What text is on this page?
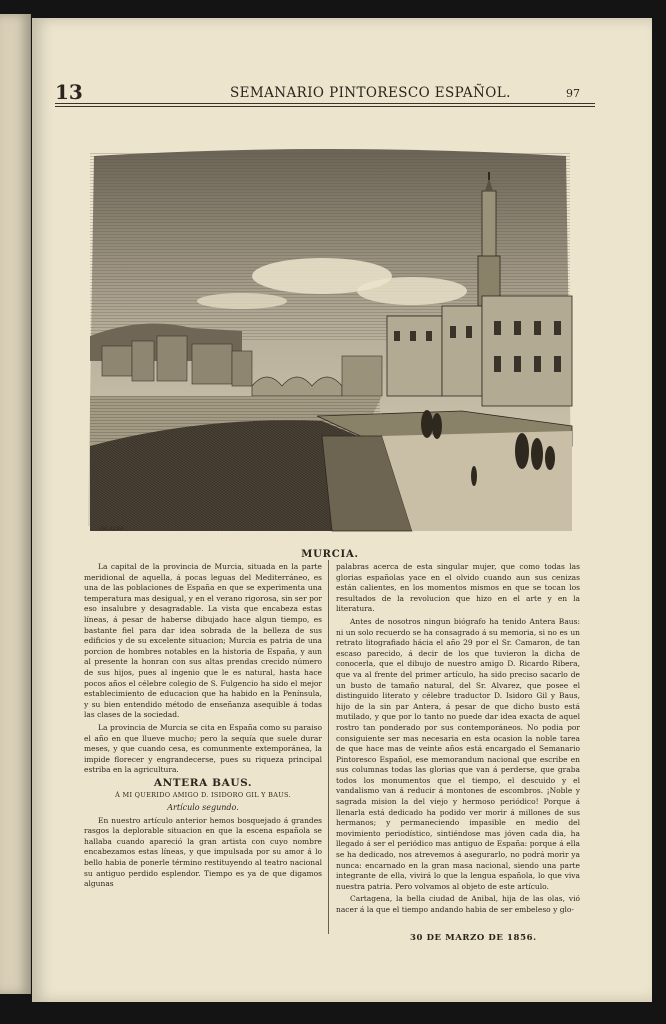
13	SEMANARIO PINTORESCO ESPAÑOL.	97
DE ALBA
MURCIA.

La capital de la provincia de Murcia, situada en la parte meridional de aquella, á pocas leguas del Mediterráneo, es una de las poblaciones de España en que se experimenta una temperatura mas desigual, y en el verano rigorosa, sin ser por eso insalubre y desagradable. La vista que encabeza estas líneas, á pesar de haberse dibujado hace algun tiempo, es bastante fiel para dar idea sobrada de la belleza de sus edificios y de su excelente situacion; Murcia es patria de una porcion de hombres notables en la historia de España, y aun al presente la honran con sus altas prendas crecido número de sus hijos, pues al ingenio que le es natural, hasta hace pocos años el célebre colegio de S. Fulgencio ha sido el mejor establecimiento de educacion que ha habido en la Península, y su bien entendido método de enseñanza asequible á todas las clases de la sociedad.

La provincia de Murcia se cita en España como su paraiso el año en que llueve mucho; pero la sequía que suele durar meses, y que cuando cesa, es comunmente extemporánea, la impide florecer y engrandecerse, pues su riqueza principal estriba en la agricultura.

ANTERA BAUS.

Á MI QUERIDO AMIGO D. ISIDORO GIL Y BAUS.

Artículo segundo.

En nuestro artículo anterior hemos bosquejado á grandes rasgos la deplorable situacion en que la escena española se hallaba cuando apareció la gran artista con cuyo nombre encabezamos estas líneas, y que impulsada por su amor á lo bello habia de ponerle término restituyendo al teatro nacional su antiguo perdido esplendor. Tiempo es ya de que digamos algunas

palabras acerca de esta singular mujer, que como todas las glorias españolas yace en el olvido cuando aun sus cenizas están calientes, en los momentos mismos en que se tocan los resultados de la revolucion que hizo en el arte y en la literatura.

Antes de nosotros ningun biógrafo ha tenido Antera Baus: ni un solo recuerdo se ha consagrado á su memoria, si no es un retrato litografiado hácia el año 29 por el Sr. Camaron, de tan escaso parecido, á decir de los que tuvieron la dicha de conocerla, que el dibujo de nuestro amigo D. Ricardo Ribera, que va al frente del primer artículo, ha sido preciso sacarlo de un busto de tamaño natural, del Sr. Alvarez, que posee el distinguido literato y célebre traductor D. Isidoro Gil y Baus, hijo de la sin par Antera, á pesar de que dicho busto está mutilado, y que por lo tanto no puede dar idea exacta de aquel rostro tan ponderado por sus contemporáneos. No podia por consiguiente ser mas necesaria en esta ocasion la noble tarea de que hace mas de veinte años está encargado el Semanario Pintoresco Español, ese memorandum nacional que escribe en sus columnas todas las glorias que van á perderse, que graba todos los monumentos que el tiempo, el descuido y el vandalismo van á reducir á montones de escombros. ¡Noble y sagrada mision la del viejo y hermoso periódico! Porque á llenarla está dedicado ha podido ver morir á millones de sus hermanos; y permaneciendo impasible en medio del movimiento periodístico, sintiéndose mas jóven cada dia, ha llegado á ser el periódico mas antiguo de España: porque á ella se ha dedicado, nos atrevemos á asegurarlo, no podrá morir ya nunca: encarnado en la gran masa nacional, siendo una parte integrante de ella, vivirá lo que la lengua española, lo que viva nuestra patria. Pero volvamos al objeto de este artículo.

Cartagena, la bella ciudad de Anibal, hija de las olas, vió nacer á la que el tiempo andando habia de ser embeleso y glo-

30 DE MARZO DE 1856.
